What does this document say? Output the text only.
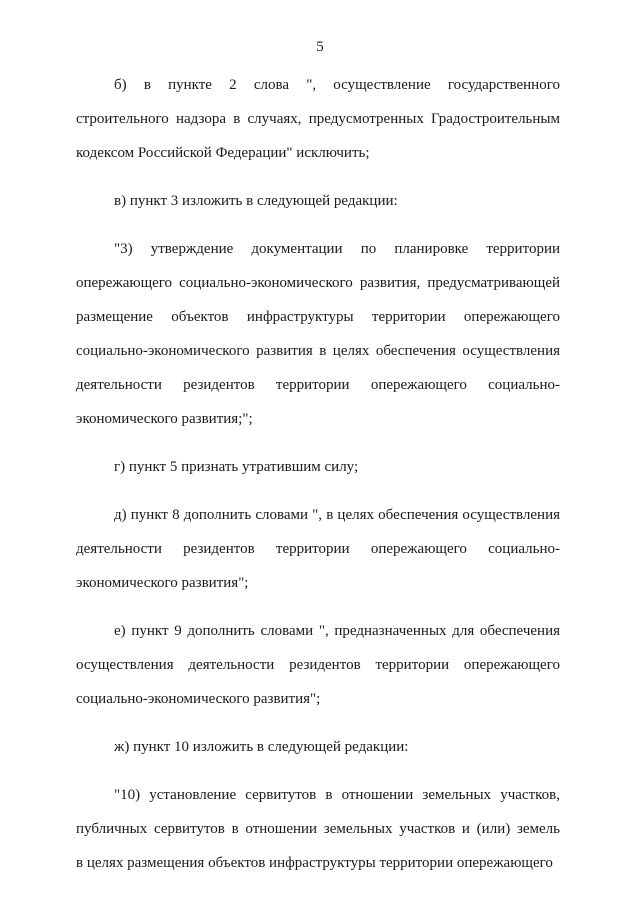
5
б) в пункте 2 слова ", осуществление государственного
строительного надзора в случаях, предусмотренных Градостроительным
кодексом Российской Федерации" исключить;
в) пункт 3 изложить в следующей редакции:
"3) утверждение документации по планировке территории
опережающего социально-экономического развития, предусматривающей
размещение объектов инфраструктуры территории опережающего
социально-экономического развития в целях обеспечения осуществления
деятельности резидентов территории опережающего социально-
экономического развития;";
г) пункт 5 признать утратившим силу;
д) пункт 8 дополнить словами ", в целях обеспечения осуществления
деятельности резидентов территории опережающего социально-
экономического развития";
е) пункт 9 дополнить словами ", предназначенных для обеспечения
осуществления деятельности резидентов территории опережающего
социально-экономического развития";
ж) пункт 10 изложить в следующей редакции:
"10) установление сервитутов в отношении земельных участков,
публичных сервитутов в отношении земельных участков и (или) земель
в целях размещения объектов инфраструктуры территории опережающего
